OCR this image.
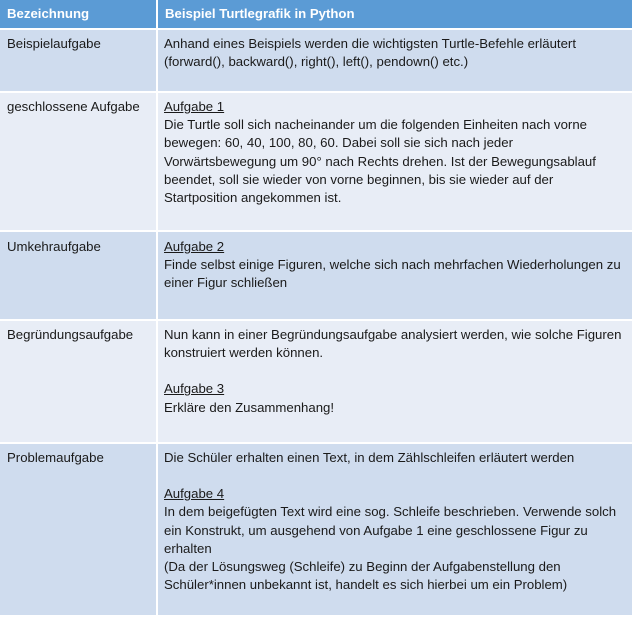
Bezeichnung	Beispiel Turtlegrafik in Python
Beispielaufgabe	Anhand eines Beispiels werden die wichtigsten Turtle-Befehle erläutert (forward(), backward(), right(), left(), pendown() etc.)

geschlossene Aufgabe	Aufgabe 1

Die Turtle soll sich nacheinander um die folgenden Einheiten nach vorne bewegen: 60, 40, 100, 80, 60. Dabei soll sie sich nach jeder Vorwärtsbewegung um 90° nach Rechts drehen. Ist der Bewegungsablauf beendet, soll sie wieder von vorne beginnen, bis sie wieder auf der Startposition angekommen ist.

Umkehraufgabe	Aufgabe 2

Finde selbst einige Figuren, welche sich nach mehrfachen Wiederholungen zu einer Figur schließen

Begründungsaufgabe	Nun kann in einer Begründungsaufgabe analysiert werden, wie solche Figuren konstruiert werden können.

Aufgabe 3

Erkläre den Zusammenhang!

Problemaufgabe	Die Schüler erhalten einen Text, in dem Zählschleifen erläutert werden

Aufgabe 4

In dem beigefügten Text wird eine sog. Schleife beschrieben. Verwende solch ein Konstrukt, um ausgehend von Aufgabe 1 eine geschlossene Figur zu erhalten

(Da der Lösungsweg (Schleife) zu Beginn der Aufgabenstellung den Schüler*innen unbekannt ist, handelt es sich hierbei um ein Problem)
